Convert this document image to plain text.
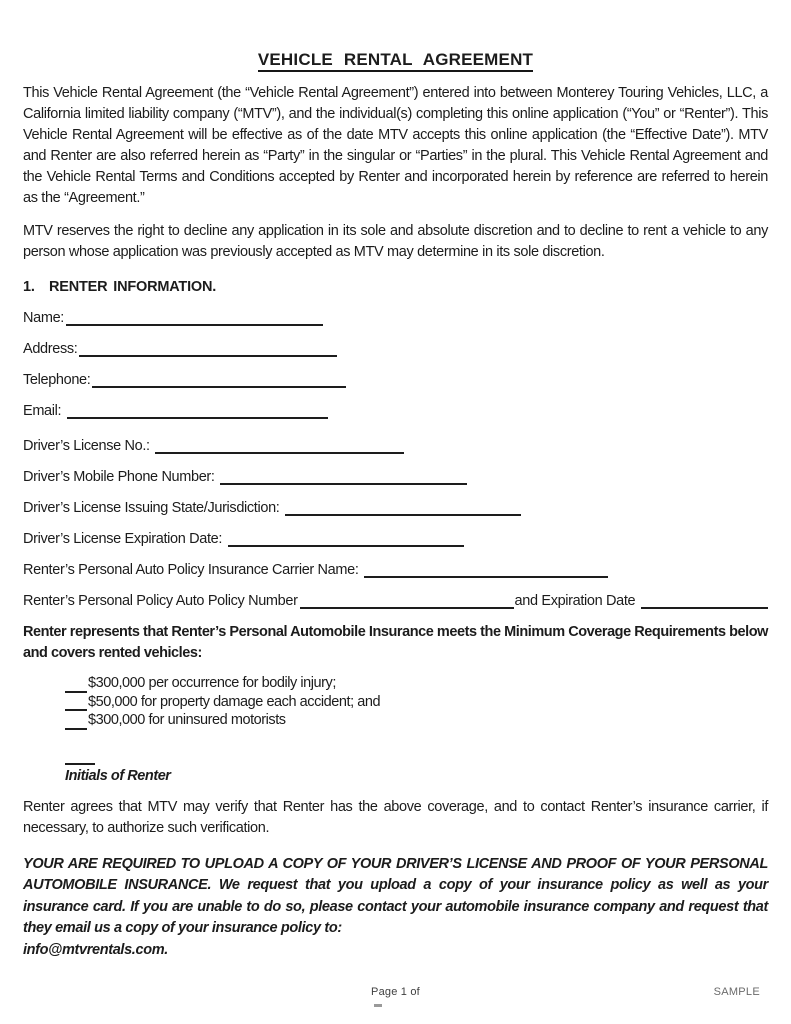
VEHICLE RENTAL AGREEMENT

This Vehicle Rental Agreement (the “Vehicle Rental Agreement”) entered into between Monterey Touring Vehicles, LLC, a California limited liability company (“MTV”), and the individual(s) completing this online application (“You” or “Renter”). This Vehicle Rental Agreement will be effective as of the date MTV accepts this online application (the “Effective Date”). MTV and Renter are also referred herein as “Party” in the singular or “Parties” in the plural. This Vehicle Rental Agreement and the Vehicle Rental Terms and Conditions accepted by Renter and incorporated herein by reference are referred to herein as the “Agreement.”

MTV reserves the right to decline any application in its sole and absolute discretion and to decline to rent a vehicle to any person whose application was previously accepted as MTV may determine in its sole discretion.

1. RENTER INFORMATION.
Name:
Address:
Telephone:
Email:
Driver’s License No.:
Driver’s Mobile Phone Number:
Driver’s License Issuing State/Jurisdiction:
Driver’s License Expiration Date:
Renter’s Personal Auto Policy Insurance Carrier Name:
Renter’s Personal Policy Auto Policy Number	and Expiration Date

Renter represents that Renter’s Personal Automobile Insurance meets the Minimum Coverage Requirements below and covers rented vehicles:

$300,000 per occurrence for bodily injury;
$50,000 for property damage each accident; and
$300,000 for uninsured motorists
Initials of Renter

Renter agrees that MTV may verify that Renter has the above coverage, and to contact Renter’s insurance carrier, if necessary, to authorize such verification.

YOUR ARE REQUIRED TO UPLOAD A COPY OF YOUR DRIVER’S LICENSE AND PROOF OF YOUR PERSONAL AUTOMOBILE INSURANCE. We request that you upload a copy of your insurance policy as well as your insurance card. If you are unable to do so, please contact your automobile insurance company and request that they email us a copy of your insurance policy to:
info@mtvrentals.com.

Page 1 of	SAMPLE
